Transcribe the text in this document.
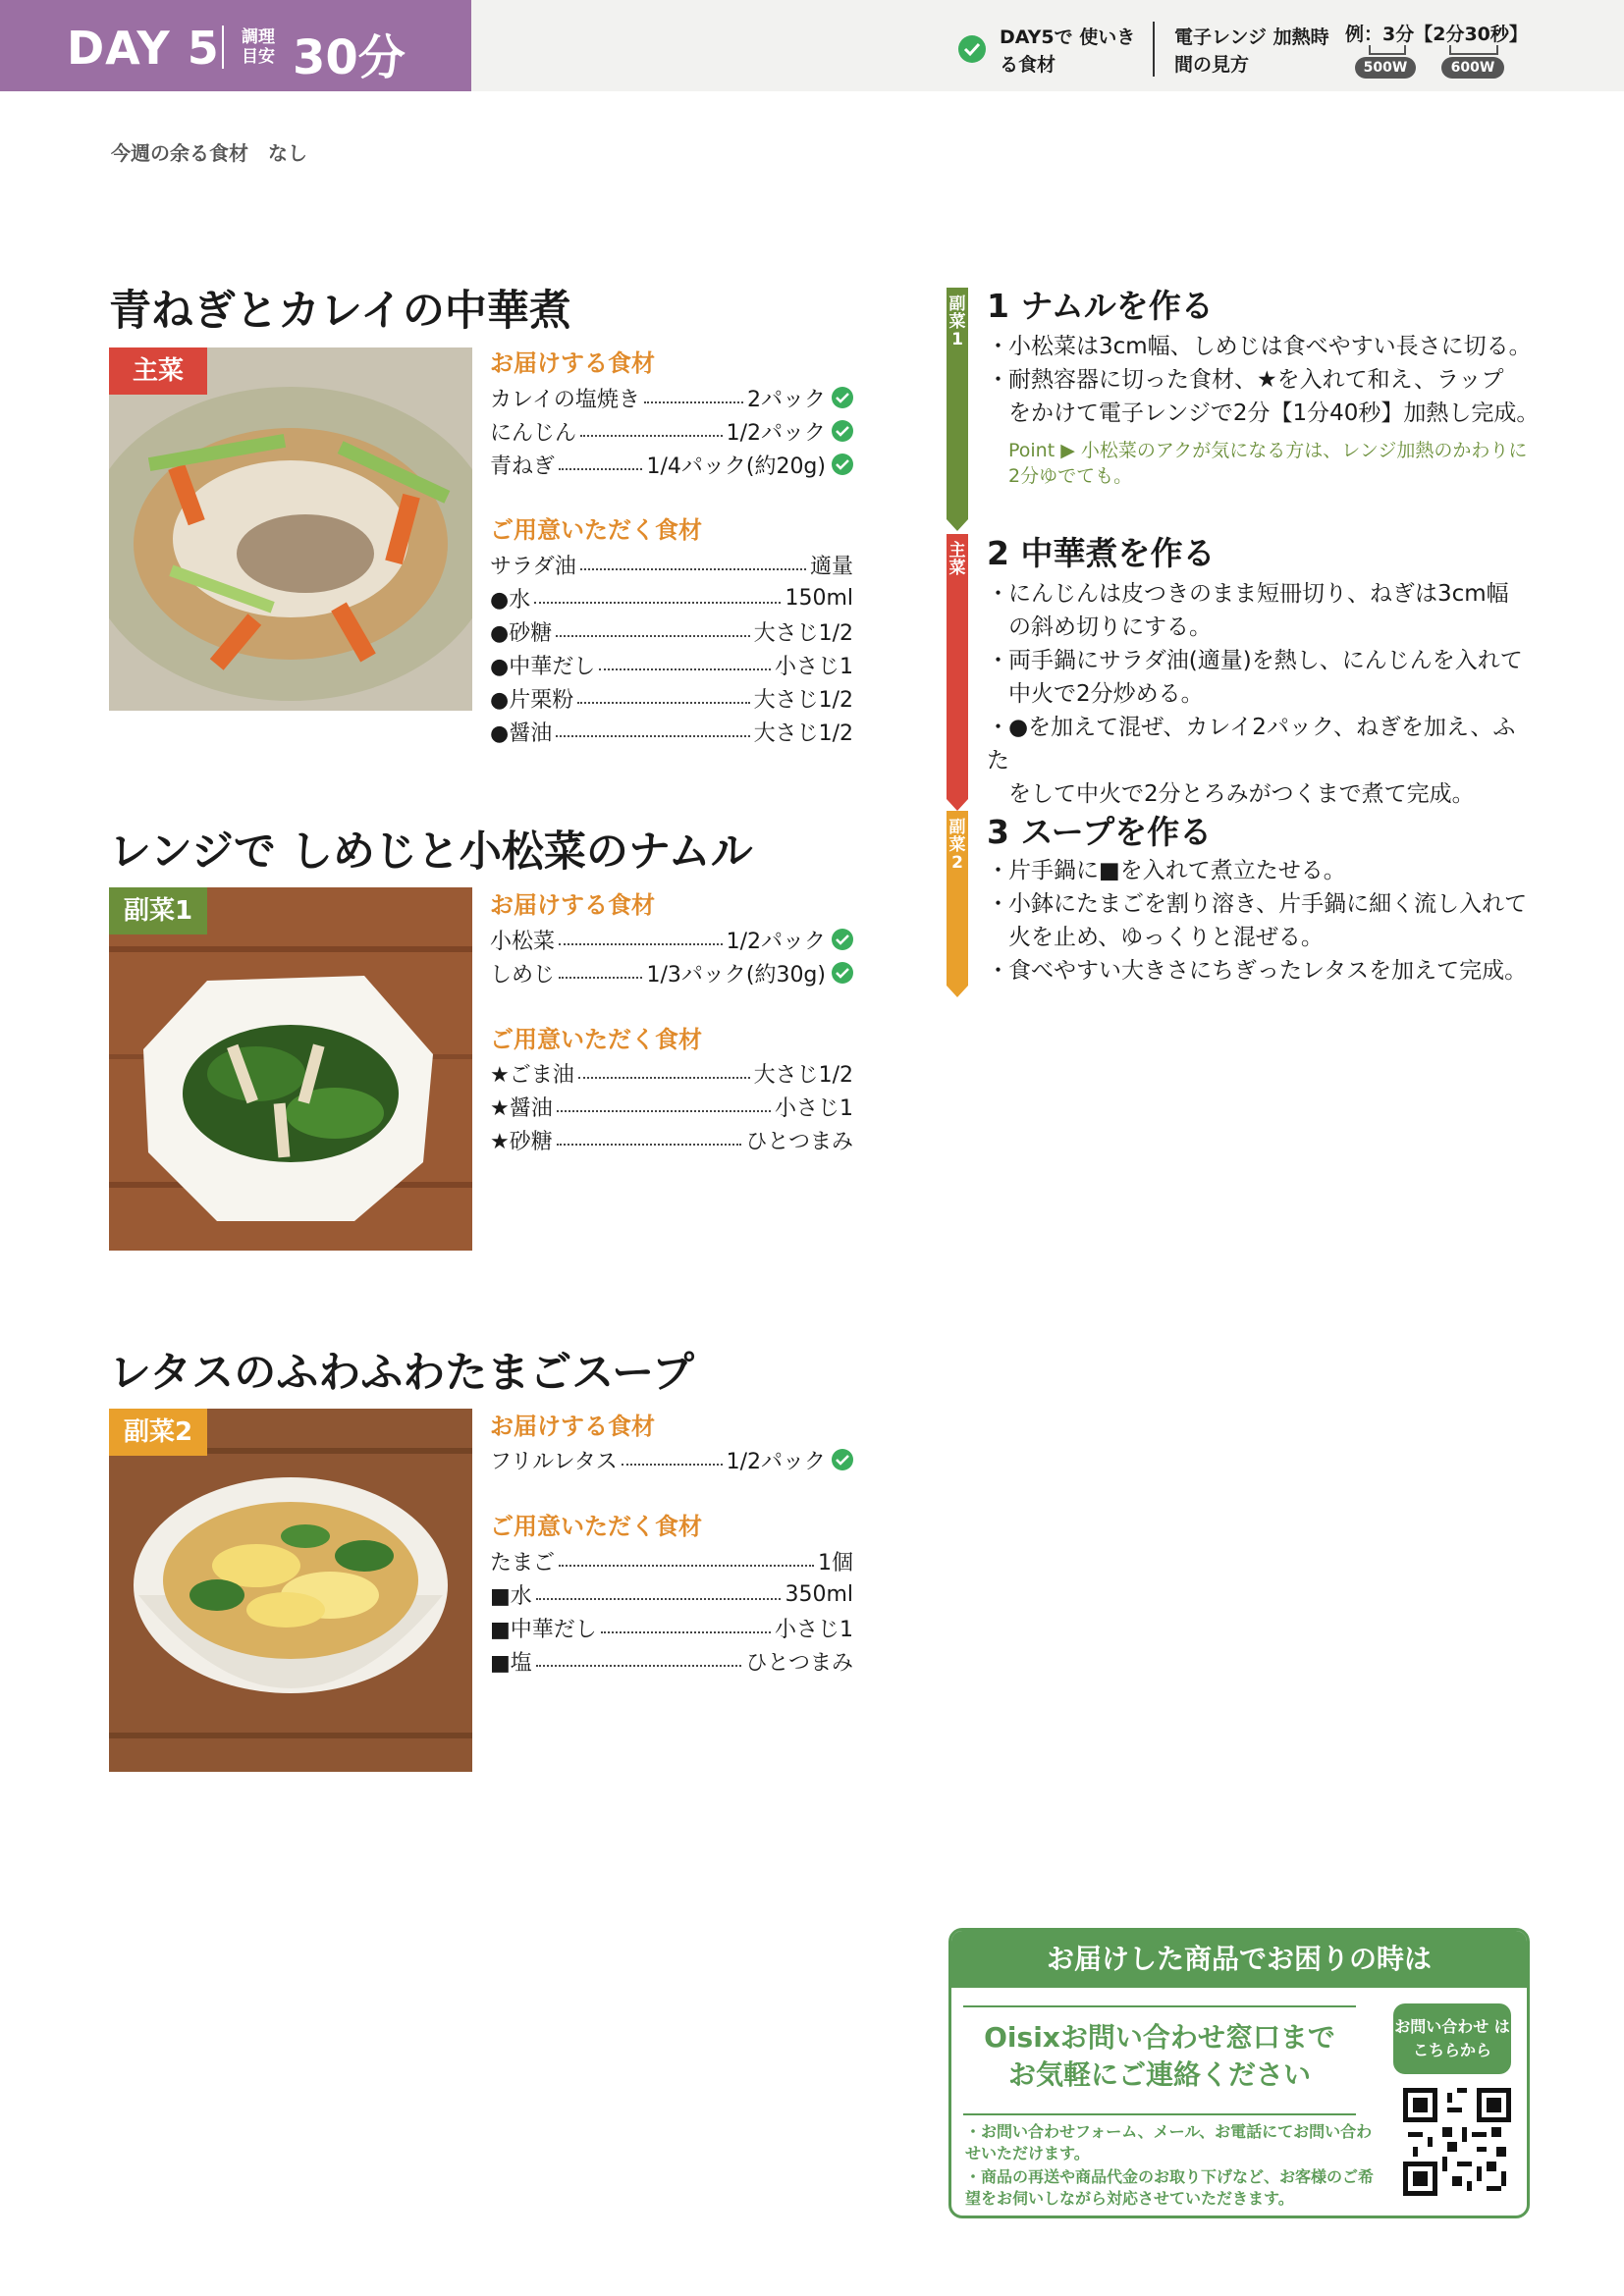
DAY 5 調理 目安 30分	DAY5で 使いきる食材
電子レンジ 加熱時間の見方
例：3分【2分30秒】
500W	600W
今週の余る食材　なし
青ねぎとカレイの中華煮
主菜	お届けする食材
カレイの塩焼き	2パック
にんじん	1/2パック
青ねぎ	1/4パック(約20g)
ご用意いただく食材
サラダ油	適量
●水	150ml
●砂糖	大さじ1/2
●中華だし	小さじ1
●片栗粉	大さじ1/2
●醤油	大さじ1/2
レンジで しめじと小松菜のナムル
副菜1	お届けする食材
小松菜	1/2パック
しめじ	1/3パック(約30g)
ご用意いただく食材
★ごま油	大さじ1/2
★醤油	小さじ1
★砂糖	ひとつまみ
レタスのふわふわたまごスープ
副菜2	お届けする食材
フリルレタス	1/2パック
ご用意いただく食材
たまご	1個
■水	350ml
■中華だし	小さじ1
■塩	ひとつまみ
副菜1
1 ナムルを作る
・小松菜は3cm幅、しめじは食べやすい長さに切る。
・耐熱容器に切った食材、★を入れて和え、ラップ
をかけて電子レンジで2分【1分40秒】加熱し完成。
Point ▶ 小松菜のアクが気になる方は、レンジ加熱のかわりに2分ゆでても。
主菜 2 中華煮を作る
・にんじんは皮つきのまま短冊切り、ねぎは3cm幅
の斜め切りにする。
・両手鍋にサラダ油(適量)を熱し、にんじんを入れて
中火で2分炒める。
・●を加えて混ぜ、カレイ2パック、ねぎを加え、ふた
をして中火で2分とろみがつくまで煮て完成。
副菜2
3 スープを作る
・片手鍋に■を入れて煮立たせる。
・小鉢にたまごを割り溶き、片手鍋に細く流し入れて
火を止め、ゆっくりと混ぜる。
・食べやすい大きさにちぎったレタスを加えて完成。
お届けした商品でお困りの時は
Oisixお問い合わせ窓口まで
お気軽にご連絡ください
お問い合わせ はこちらから
・お問い合わせフォーム、メール、お電話にてお問い合わせいただけます。
・商品の再送や商品代金のお取り下げなど、お客様のご希望をお伺いしながら対応させていただきます。
